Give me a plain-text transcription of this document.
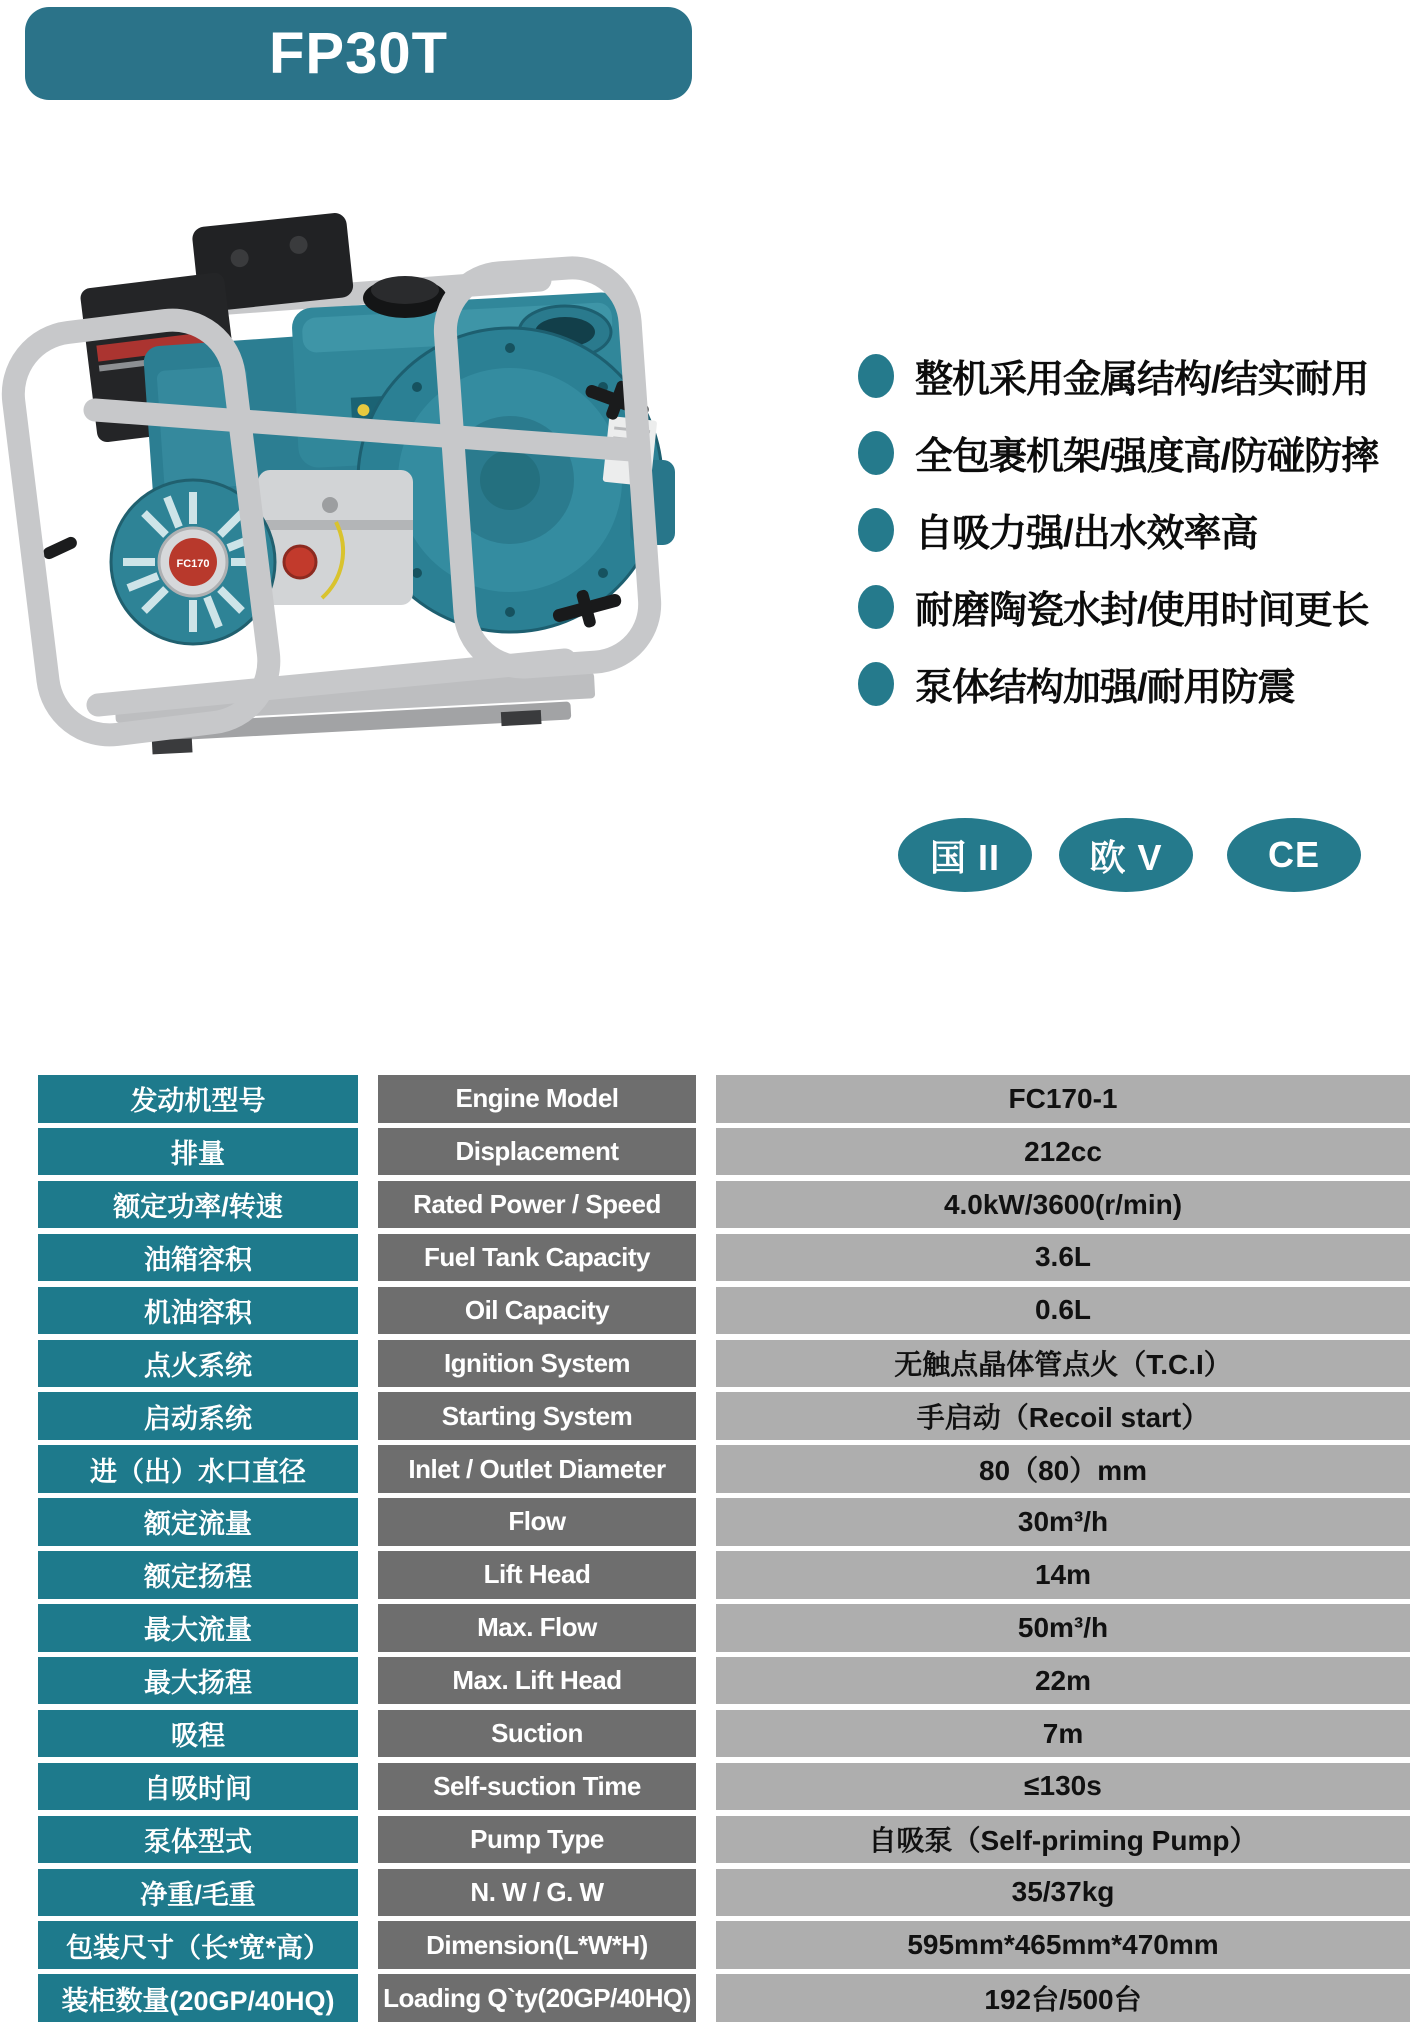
FP30T
FC170
整机采用金属结构/结实耐用
全包裹机架/强度高/防碰防摔
自吸力强/出水效率高
耐磨陶瓷水封/使用时间更长
泵体结构加强/耐用防震
国 II	欧 V	CE
发动机型号	Engine Model	FC170-1
排量	Displacement	212cc
额定功率/转速	Rated Power / Speed	4.0kW/3600(r/min)
油箱容积	Fuel Tank Capacity	3.6L
机油容积	Oil Capacity	0.6L
点火系统	Ignition System	无触点晶体管点火（T.C.I）
启动系统	Starting System	手启动（Recoil start）
进（出）水口直径	Inlet / Outlet Diameter	80（80）mm
额定流量	Flow	30m³/h
额定扬程	Lift Head	14m
最大流量	Max. Flow	50m³/h
最大扬程	Max. Lift Head	22m
吸程	Suction	7m
自吸时间	Self-suction Time	≤130s
泵体型式	Pump Type	自吸泵（Self-priming Pump）
净重/毛重	N. W / G. W	35/37kg
包装尺寸（长*宽*高）	Dimension(L*W*H)	595mm*465mm*470mm
装柜数量(20GP/40HQ)	Loading Q`ty(20GP/40HQ)	192台/500台
